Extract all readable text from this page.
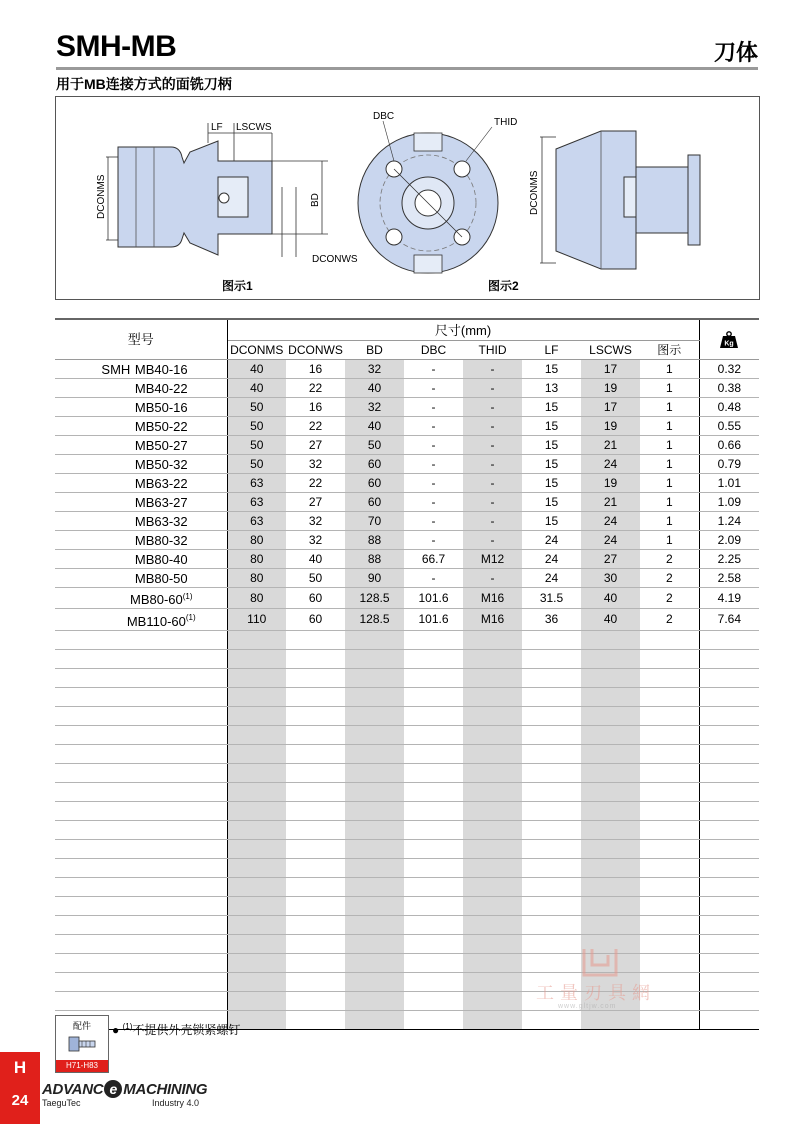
SMH-MB	刀体
用于MB连接方式的面铣刀柄
LF LSCWS
DCONMS	BD
DCONWS
DBC
THID
DCONMS
图示1	图示2
型号	尺寸(mm)								Kg

	DCONMS	DCONWS	BD	DBC	THID	LF	LSCWS	图示	
SMH MB40-16	40	16	32	-	-	15	17	1	0.32
MB40-22	40	22	40	-	-	13	19	1	0.38
MB50-16	50	16	32	-	-	15	17	1	0.48
MB50-22	50	22	40	-	-	15	19	1	0.55
MB50-27	50	27	50	-	-	15	21	1	0.66
MB50-32	50	32	60	-	-	15	24	1	0.79
MB63-22	63	22	60	-	-	15	19	1	1.01
MB63-27	63	27	60	-	-	15	21	1	1.09
MB63-32	63	32	70	-	-	15	24	1	1.24
MB80-32	80	32	88	-	-	24	24	1	2.09
MB80-40	80	40	88	66.7	M12	24	27	2	2.25
MB80-50	80	50	90	-	-	24	30	2	2.58
MB80-60$^{(1)}$	80	60	128.5	101.6	M16	31.5	40	2	4.19
MB110-60$^{(1)}$	110	60	128.5	101.6	M16	36	40	2	7.64

工量刃具網
www.gltjw.com
配件
H71-H83
● $^{(1)}$不提供外壳锁紧螺钉
H
24
ADVANC e MACHINING
TaeguTec	Industry 4.0
